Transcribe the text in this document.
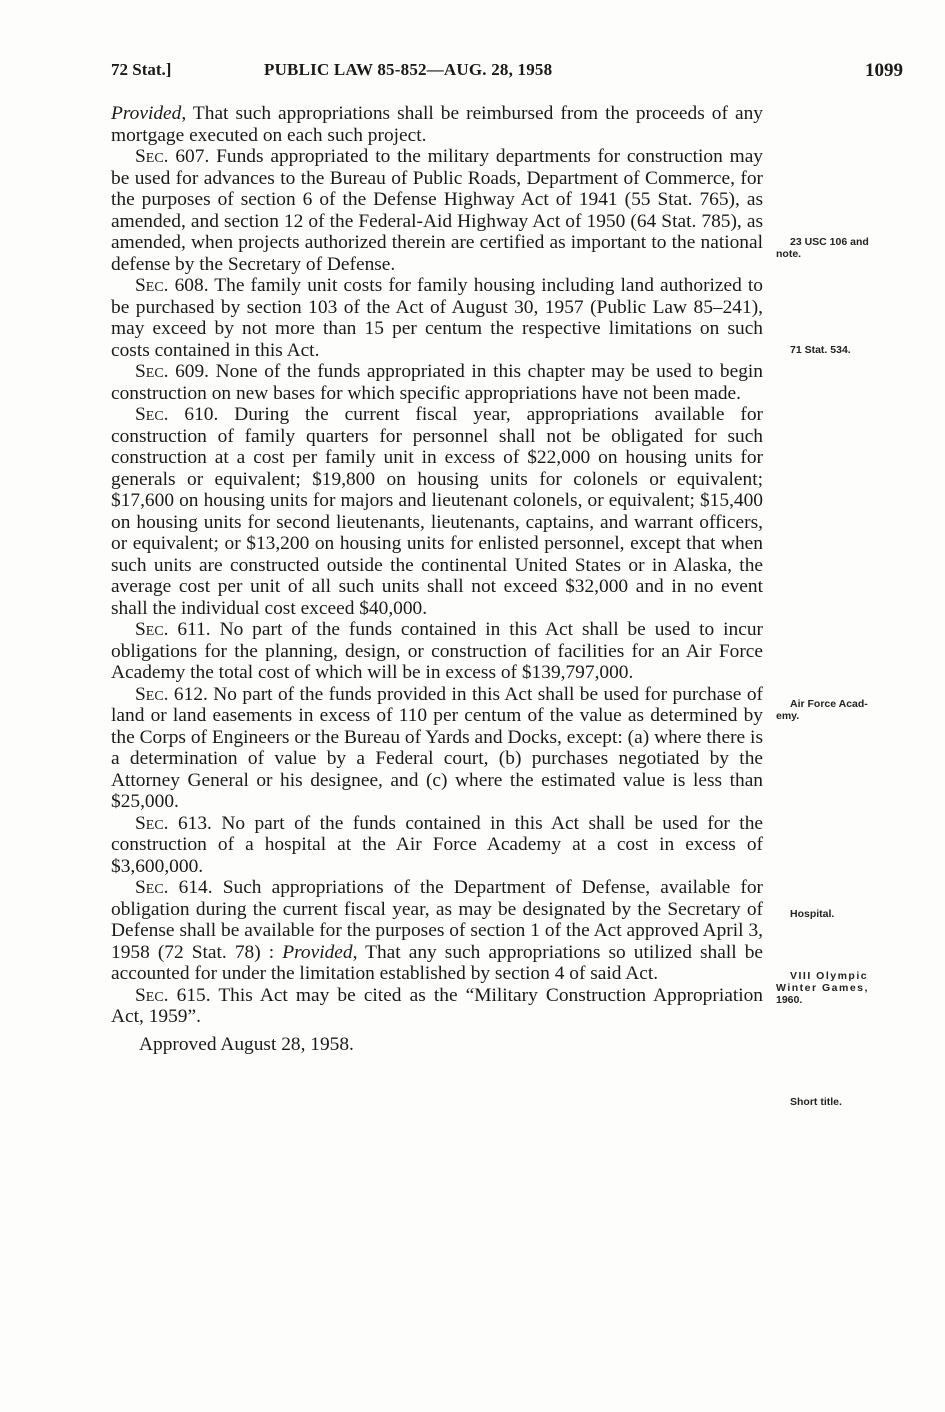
72 Stat.]	PUBLIC LAW 85-852—AUG. 28, 1958	1099

Provided, That such appropriations shall be reimbursed from the proceeds of any mortgage executed on each such project.

Sec. 607. Funds appropriated to the military departments for construction may be used for advances to the Bureau of Public Roads, Department of Commerce, for the purposes of section 6 of the Defense Highway Act of 1941 (55 Stat. 765), as amended, and section 12 of the Federal-Aid Highway Act of 1950 (64 Stat. 785), as amended, when projects authorized therein are certified as important to the national defense by the Secretary of Defense.

Sec. 608. The family unit costs for family housing including land authorized to be purchased by section 103 of the Act of August 30, 1957 (Public Law 85–241), may exceed by not more than 15 per centum the respective limitations on such costs contained in this Act.

Sec. 609. None of the funds appropriated in this chapter may be used to begin construction on new bases for which specific appropriations have not been made.

Sec. 610. During the current fiscal year, appropriations available for construction of family quarters for personnel shall not be obligated for such construction at a cost per family unit in excess of $22,000 on housing units for generals or equivalent; $19,800 on housing units for colonels or equivalent; $17,600 on housing units for majors and lieutenant colonels, or equivalent; $15,400 on housing units for second lieutenants, lieutenants, captains, and warrant officers, or equivalent; or $13,200 on housing units for enlisted personnel, except that when such units are constructed outside the continental United States or in Alaska, the average cost per unit of all such units shall not exceed $32,000 and in no event shall the individual cost exceed $40,000.

Sec. 611. No part of the funds contained in this Act shall be used to incur obligations for the planning, design, or construction of facilities for an Air Force Academy the total cost of which will be in excess of $139,797,000.

Sec. 612. No part of the funds provided in this Act shall be used for purchase of land or land easements in excess of 110 per centum of the value as determined by the Corps of Engineers or the Bureau of Yards and Docks, except: (a) where there is a determination of value by a Federal court, (b) purchases negotiated by the Attorney General or his designee, and (c) where the estimated value is less than $25,000.

Sec. 613. No part of the funds contained in this Act shall be used for the construction of a hospital at the Air Force Academy at a cost in excess of $3,600,000.

Sec. 614. Such appropriations of the Department of Defense, available for obligation during the current fiscal year, as may be designated by the Secretary of Defense shall be available for the purposes of section 1 of the Act approved April 3, 1958 (72 Stat. 78) : Provided, That any such appropriations so utilized shall be accounted for under the limitation established by section 4 of said Act.

Sec. 615. This Act may be cited as the “Military Construction Appropriation Act, 1959”.

Approved August 28, 1958.

23 USC 106 and
note.
71 Stat. 534.
Air Force Acad-
emy.
Hospital.
VIII Olympic
Winter Games,
1960.
Short title.
